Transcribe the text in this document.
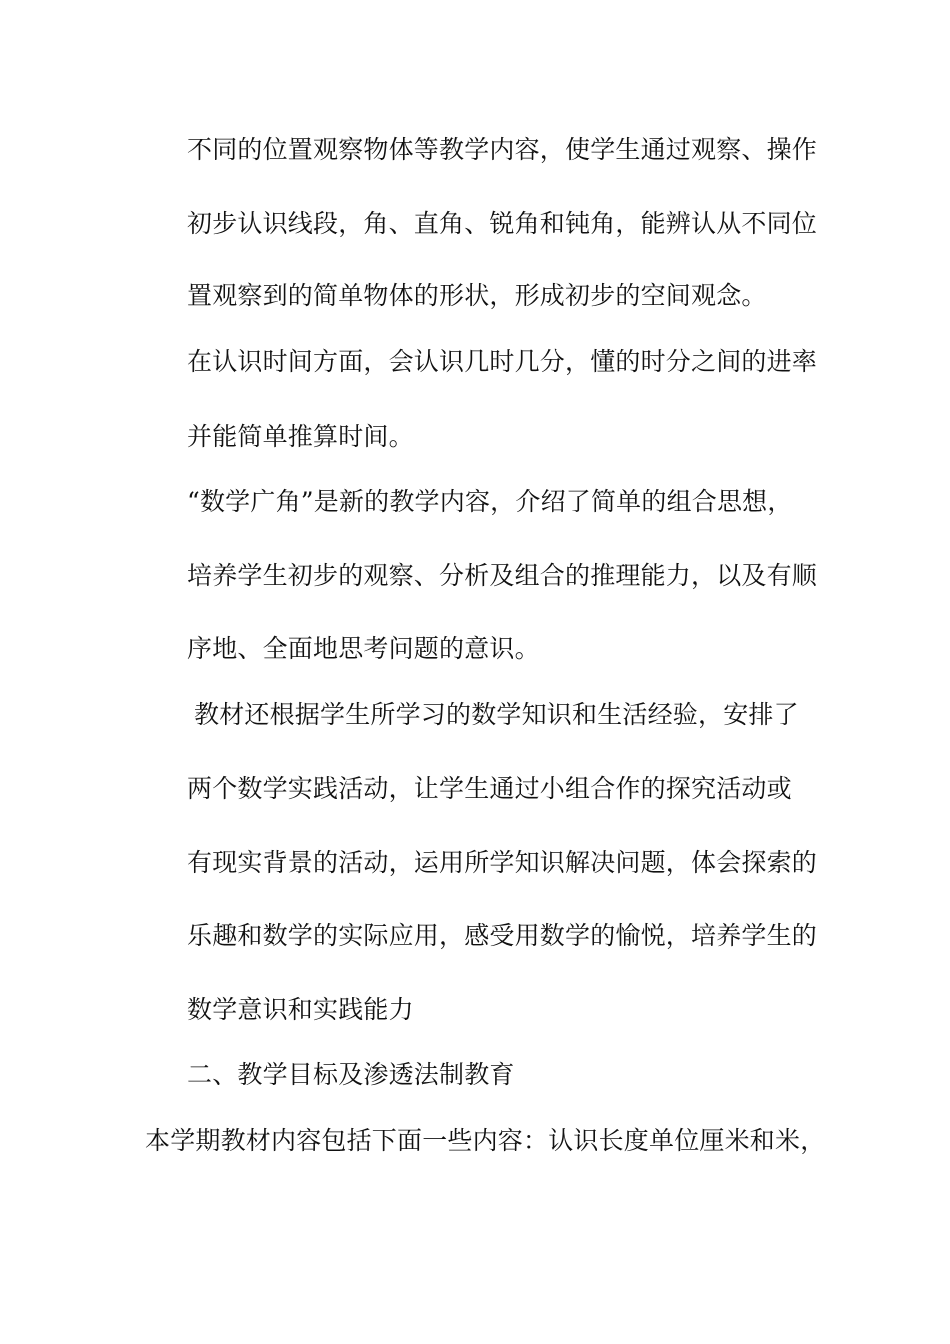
不同的位置观察物体等教学内容，使学生通过观察、操作
初步认识线段，角、直角、锐角和钝角，能辨认从不同位
置观察到的简单物体的形状，形成初步的空间观念。
在认识时间方面，会认识几时几分，懂的时分之间的进率
并能简单推算时间。
“数学广角”是新的教学内容，介绍了简单的组合思想，
培养学生初步的观察、分析及组合的推理能力，以及有顺
序地、全面地思考问题的意识。
教材还根据学生所学习的数学知识和生活经验，安排了
两个数学实践活动，让学生通过小组合作的探究活动或
有现实背景的活动，运用所学知识解决问题，体会探索的
乐趣和数学的实际应用，感受用数学的愉悦，培养学生的
数学意识和实践能力
二、教学目标及渗透法制教育
本学期教材内容包括下面一些内容：认识长度单位厘米和米，
